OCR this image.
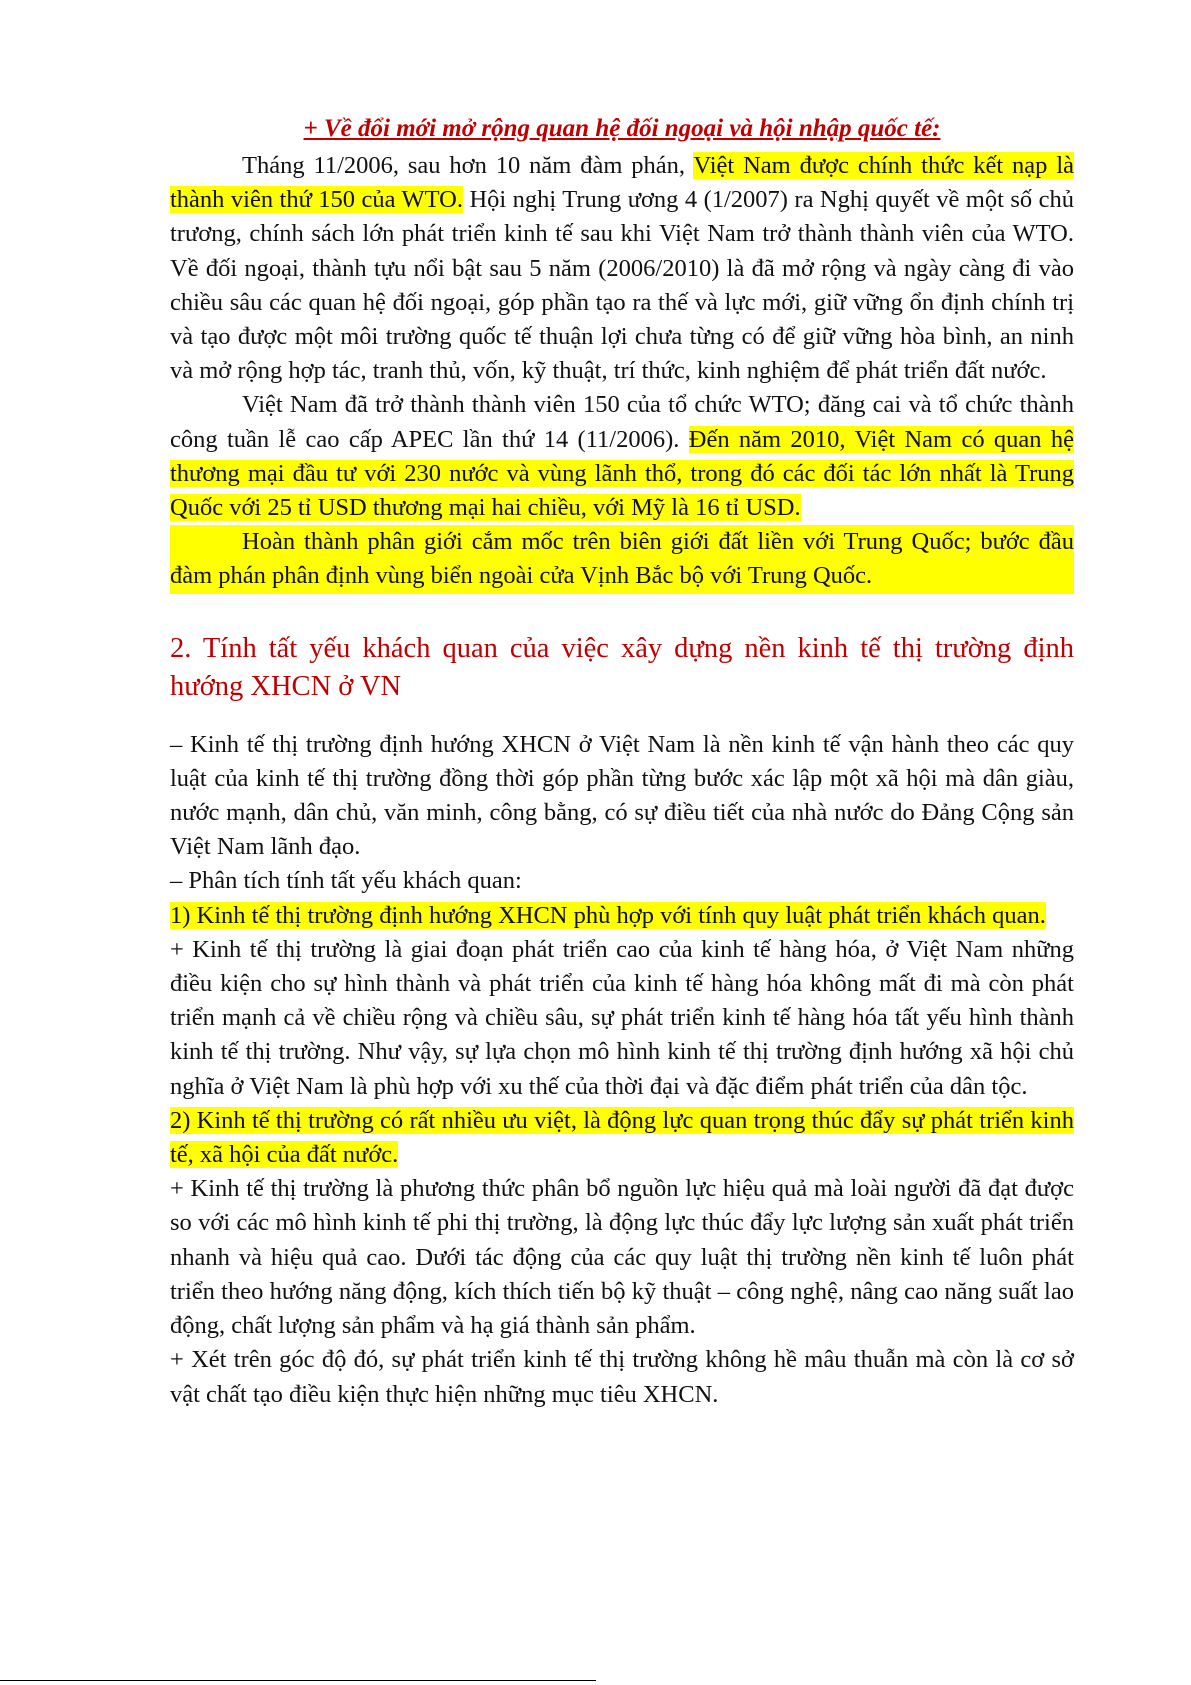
+ Về đổi mới mở rộng quan hệ đối ngoại và hội nhập quốc tế:

Tháng 11/2006, sau hơn 10 năm đàm phán, Việt Nam được chính thức kết nạp là thành viên thứ 150 của WTO. Hội nghị Trung ương 4 (1/2007) ra Nghị quyết về một số chủ trương, chính sách lớn phát triển kinh tế sau khi Việt Nam trở thành thành viên của WTO. Về đối ngoại, thành tựu nổi bật sau 5 năm (2006/2010) là đã mở rộng và ngày càng đi vào chiều sâu các quan hệ đối ngoại, góp phần tạo ra thế và lực mới, giữ vững ổn định chính trị và tạo được một môi trường quốc tế thuận lợi chưa từng có để giữ vững hòa bình, an ninh và mở rộng hợp tác, tranh thủ, vốn, kỹ thuật, trí thức, kinh nghiệm để phát triển đất nước.

Việt Nam đã trở thành thành viên 150 của tổ chức WTO; đăng cai và tổ chức thành công tuần lễ cao cấp APEC lần thứ 14 (11/2006). Đến năm 2010, Việt Nam có quan hệ thương mại đầu tư với 230 nước và vùng lãnh thổ, trong đó các đối tác lớn nhất là Trung Quốc với 25 tỉ USD thương mại hai chiều, với Mỹ là 16 tỉ USD.

Hoàn thành phân giới cắm mốc trên biên giới đất liền với Trung Quốc; bước đầu đàm phán phân định vùng biển ngoài cửa Vịnh Bắc bộ với Trung Quốc.

2. Tính tất yếu khách quan của việc xây dựng nền kinh tế thị trường định hướng XHCN ở VN

– Kinh tế thị trường định hướng XHCN ở Việt Nam là nền kinh tế vận hành theo các quy luật của kinh tế thị trường đồng thời góp phần từng bước xác lập một xã hội mà dân giàu, nước mạnh, dân chủ, văn minh, công bằng, có sự điều tiết của nhà nước do Đảng Cộng sản Việt Nam lãnh đạo.

– Phân tích tính tất yếu khách quan:

1) Kinh tế thị trường định hướng XHCN phù hợp với tính quy luật phát triển khách quan.

+ Kinh tế thị trường là giai đoạn phát triển cao của kinh tế hàng hóa, ở Việt Nam những điều kiện cho sự hình thành và phát triển của kinh tế hàng hóa không mất đi mà còn phát triển mạnh cả về chiều rộng và chiều sâu, sự phát triển kinh tế hàng hóa tất yếu hình thành kinh tế thị trường. Như vậy, sự lựa chọn mô hình kinh tế thị trường định hướng xã hội chủ nghĩa ở Việt Nam là phù hợp với xu thế của thời đại và đặc điểm phát triển của dân tộc.

2) Kinh tế thị trường có rất nhiều ưu việt, là động lực quan trọng thúc đẩy sự phát triển kinh tế, xã hội của đất nước.

+ Kinh tế thị trường là phương thức phân bổ nguồn lực hiệu quả mà loài người đã đạt được so với các mô hình kinh tế phi thị trường, là động lực thúc đẩy lực lượng sản xuất phát triển nhanh và hiệu quả cao. Dưới tác động của các quy luật thị trường nền kinh tế luôn phát triển theo hướng năng động, kích thích tiến bộ kỹ thuật – công nghệ, nâng cao năng suất lao động, chất lượng sản phẩm và hạ giá thành sản phẩm.

+ Xét trên góc độ đó, sự phát triển kinh tế thị trường không hề mâu thuẫn mà còn là cơ sở vật chất tạo điều kiện thực hiện những mục tiêu XHCN.
